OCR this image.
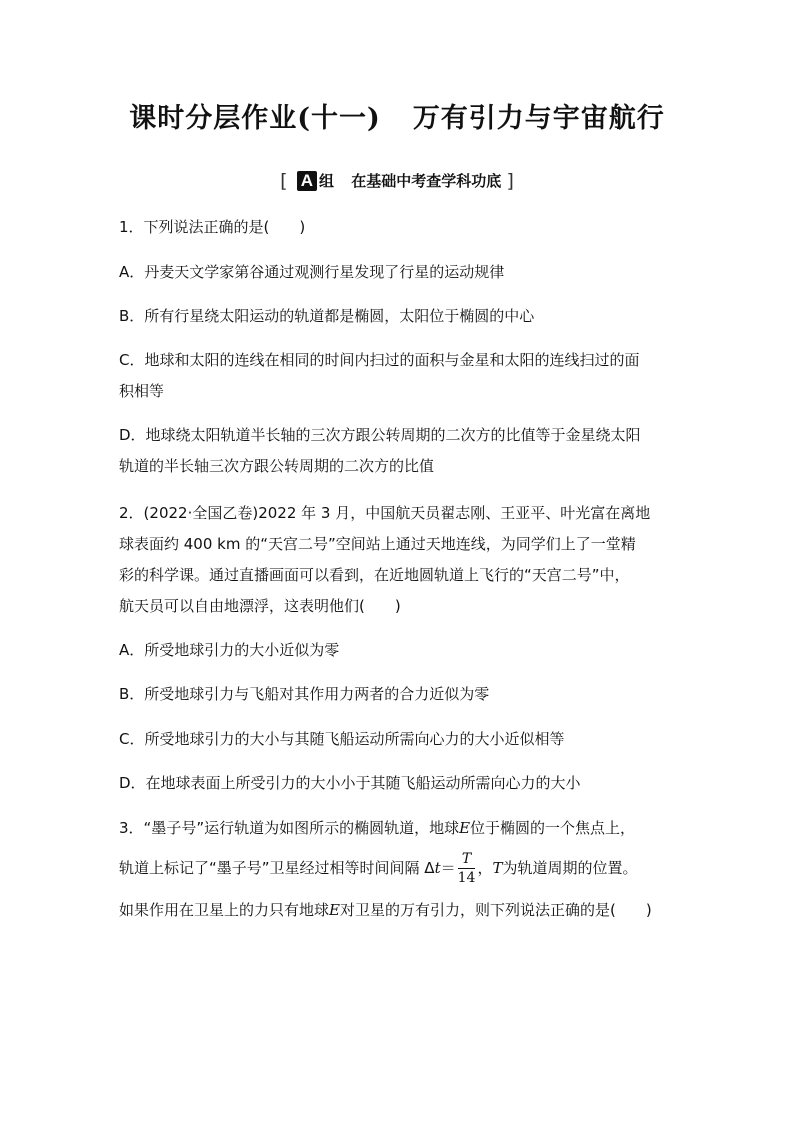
课时分层作业(十一) 万有引力与宇宙航行
[ A 组 在基础中考查学科功底 ]
1．下列说法正确的是(　　)
A．丹麦天文学家第谷通过观测行星发现了行星的运动规律
B．所有行星绕太阳运动的轨道都是椭圆，太阳位于椭圆的中心
C．地球和太阳的连线在相同的时间内扫过的面积与金星和太阳的连线扫过的面
积相等
D．地球绕太阳轨道半长轴的三次方跟公转周期的二次方的比值等于金星绕太阳
轨道的半长轴三次方跟公转周期的二次方的比值
2．(2022·全国乙卷)2022 年 3 月，中国航天员翟志刚、王亚平、叶光富在离地
球表面约 400 km 的“天宫二号”空间站上通过天地连线，为同学们上了一堂精
彩的科学课。通过直播画面可以看到，在近地圆轨道上飞行的“天宫二号”中，
航天员可以自由地漂浮，这表明他们(　　)
A．所受地球引力的大小近似为零
B．所受地球引力与飞船对其作用力两者的合力近似为零
C．所受地球引力的大小与其随飞船运动所需向心力的大小近似相等
D．在地球表面上所受引力的大小小于其随飞船运动所需向心力的大小
3．“墨子号”运行轨道为如图所示的椭圆轨道，地球E位于椭圆的一个焦点上，
轨道上标记了“墨子号”卫星经过相等时间间隔 $\Delta t= \frac{T}{14}$ ，T为轨道周期的位置。
如果作用在卫星上的力只有地球E对卫星的万有引力，则下列说法正确的是(　　)
